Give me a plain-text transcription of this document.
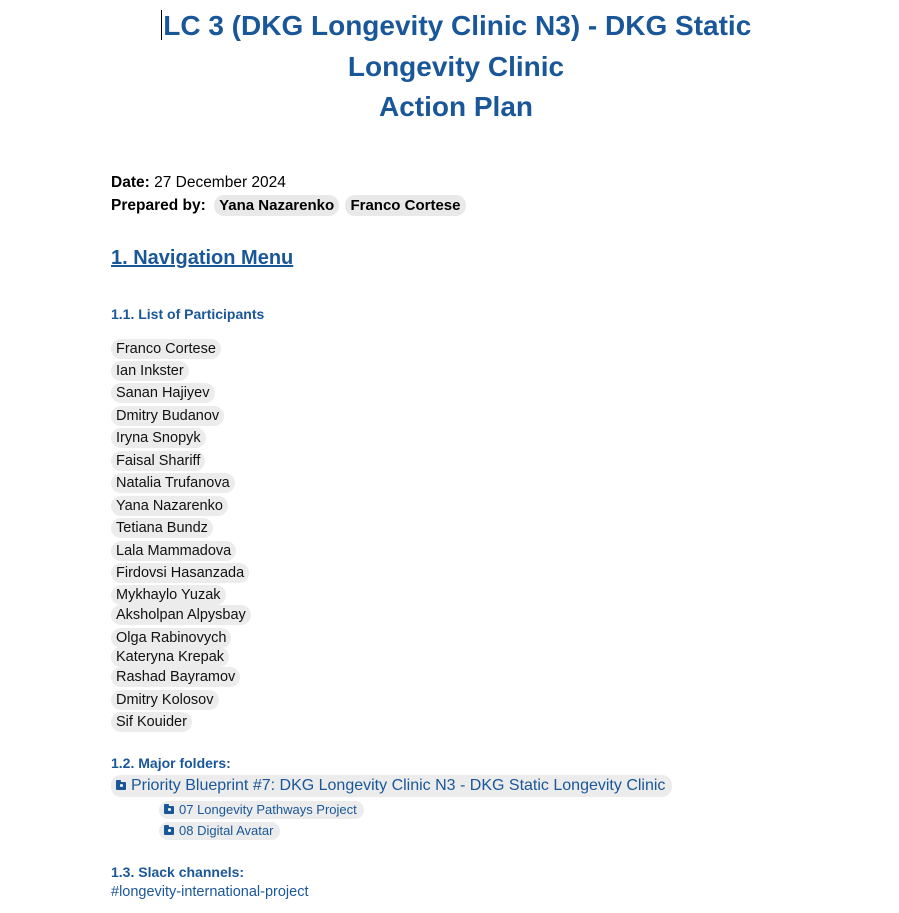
LC 3 (DKG Longevity Clinic N3) - DKG Static
Longevity Clinic
Action Plan
Date: 27 December 2024
Prepared by: Yana Nazarenko Franco Cortese
1. Navigation Menu
1.1. List of Participants
Franco Cortese
Ian Inkster
Sanan Hajiyev
Dmitry Budanov
Iryna Snopyk
Faisal Shariff
Natalia Trufanova
Yana Nazarenko
Tetiana Bundz
Lala Mammadova
Firdovsi Hasanzada
Mykhaylo Yuzak
Aksholpan Alpysbay
Olga Rabinovych
Kateryna Krepak
Rashad Bayramov
Dmitry Kolosov
Sif Kouider
1.2. Major folders:
Priority Blueprint #7: DKG Longevity Clinic N3 - DKG Static Longevity Clinic
07 Longevity Pathways Project
08 Digital Avatar
1.3. Slack channels:
#longevity-international-project
